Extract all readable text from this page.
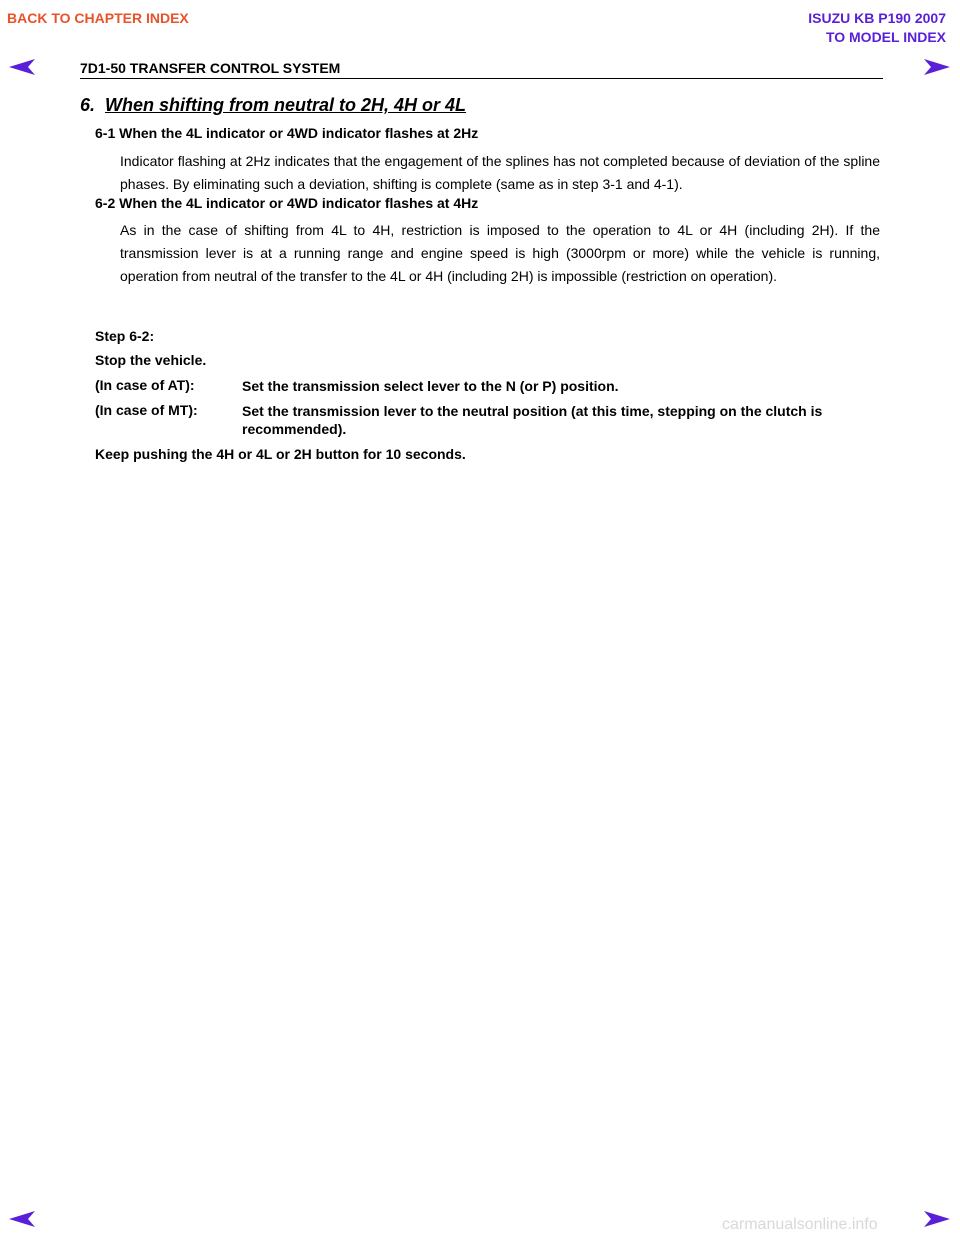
BACK TO CHAPTER INDEX	ISUZU KB P190 2007
TO MODEL INDEX
7D1-50 TRANSFER CONTROL SYSTEM
6. When shifting from neutral to 2H, 4H or 4L
6-1 When the 4L indicator or 4WD indicator flashes at 2Hz
Indicator flashing at 2Hz indicates that the engagement of the splines has not completed because of deviation of the spline phases. By eliminating such a deviation, shifting is complete (same as in step 3-1 and 4-1).
6-2 When the 4L indicator or 4WD indicator flashes at 4Hz
As in the case of shifting from 4L to 4H, restriction is imposed to the operation to 4L or 4H (including 2H). If the transmission lever is at a running range and engine speed is high (3000rpm or more) while the vehicle is running, operation from neutral of the transfer to the 4L or 4H (including 2H) is impossible (restriction on operation).
Step 6-2:
Stop the vehicle.
(In case of AT):	Set the transmission select lever to the N (or P) position.
(In case of MT):	Set the transmission lever to the neutral position (at this time, stepping on the clutch is recommended).
Keep pushing the 4H or 4L or 2H button for 10 seconds.
carmanualsonline.info
